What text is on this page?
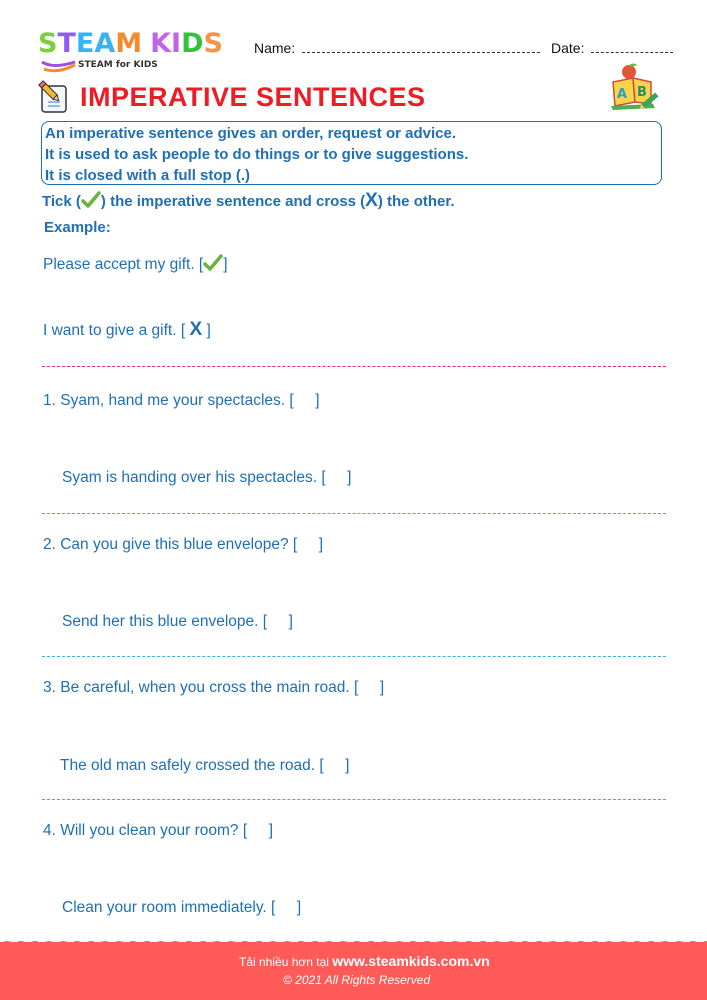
STEAM KIDS
STEAM for KIDS
Name:	Date:
IMPERATIVE SENTENCES	A B
An imperative sentence gives an order, request or advice.
It is used to ask people to do things or to give suggestions.
It is closed with a full stop (.)
Tick ( ) the imperative sentence and cross (X) the other.
Example:
Please accept my gift. [ ]
I want to give a gift. [ X ]
1. Syam, hand me your spectacles. [     ]
Syam is handing over his spectacles. [     ]
2. Can you give this blue envelope? [     ]
Send her this blue envelope. [     ]
3. Be careful, when you cross the main road. [     ]
The old man safely crossed the road. [     ]
4. Will you clean your room? [     ]
Clean your room immediately. [     ]
Tải nhiều hơn tại www.steamkids.com.vn
© 2021 All Rights Reserved
